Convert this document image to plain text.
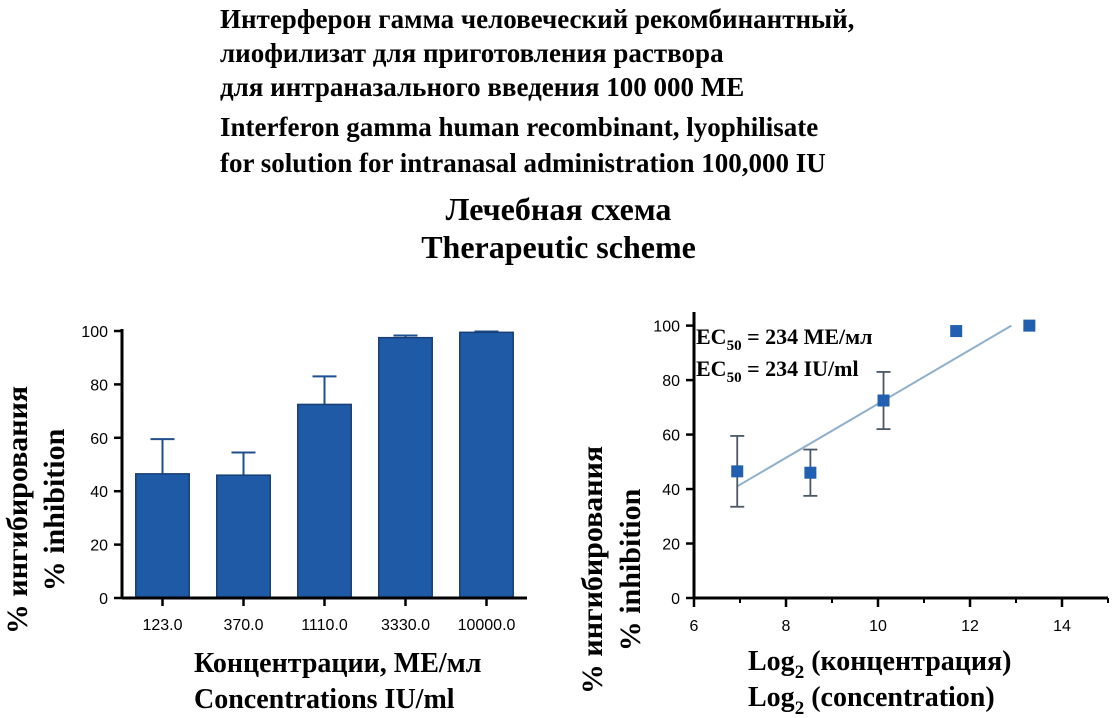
Интерферон гамма человеческий рекомбинантный,
лиофилизат для приготовления раствора
для интраназального введения 100 000 МЕ
Interferon gamma human recombinant, lyophilisate
for solution for intranasal administration 100,000 IU
Лечебная схема
Therapeutic scheme
% ингибирования % inhibition
123.0	370.0 1110.0 3330.0 10000.0
0
20
40
60
80
100
Концентрации, МЕ/мл
Concentrations IU/ml
% ингибирования % inhibition 0
20
40
60
80
100
6	8	10	12	14
$EC_{50} = 234$ МЕ/мл
$EC_{50} = 234$ IU/ml
Log$_2$ (концентрация)
Log$_2$ (concentration)
